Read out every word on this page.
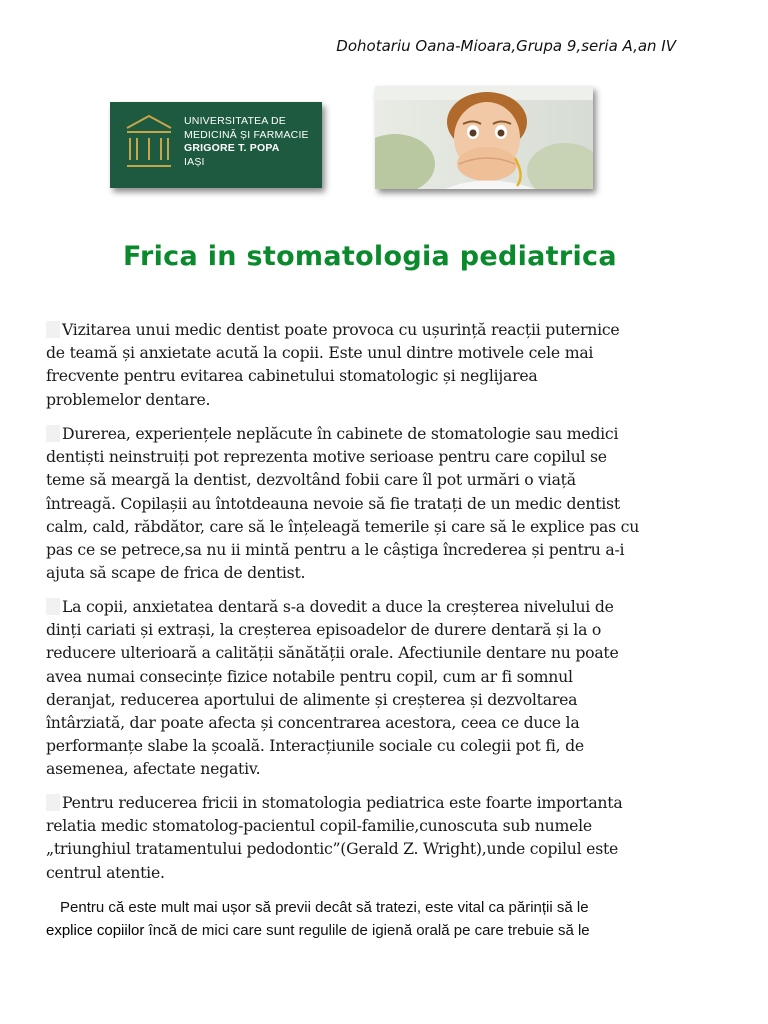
Dohotariu Oana-Mioara,Grupa 9,seria A,an IV
UNIVERSITATEA DE
MEDICINĂ ȘI FARMACIE
GRIGORE T. POPA
IAȘI
Frica in stomatologia pediatrica
Vizitarea unui medic dentist poate provoca cu ușurință reacții puternice
de teamă și anxietate acută la copii. Este unul dintre motivele cele mai
frecvente pentru evitarea cabinetului stomatologic și neglijarea
problemelor dentare.
Durerea, experiențele neplăcute în cabinete de stomatologie sau medici
dentiști neinstruiți pot reprezenta motive serioase pentru care copilul se
teme să meargă la dentist, dezvoltând fobii care îl pot urmări o viață
întreagă. Copilașii au întotdeauna nevoie să fie tratați de un medic dentist
calm, cald, răbdător, care să le înțeleagă temerile și care să le explice pas cu
pas ce se petrece,sa nu ii mintă pentru a le câștiga încrederea și pentru a-i
ajuta să scape de frica de dentist.
La copii, anxietatea dentară s-a dovedit a duce la creșterea nivelului de
dinți cariati și extrași, la creșterea episoadelor de durere dentară și la o
reducere ulterioară a calității sănătății orale. Afectiunile dentare nu poate
avea numai consecințe fizice notabile pentru copil, cum ar fi somnul
deranjat, reducerea aportului de alimente și creșterea și dezvoltarea
întârziată, dar poate afecta și concentrarea acestora, ceea ce duce la
performanțe slabe la școală. Interacțiunile sociale cu colegii pot fi, de
asemenea, afectate negativ.
Pentru reducerea fricii in stomatologia pediatrica este foarte importanta
relatia medic stomatolog-pacientul copil-familie,cunoscuta sub numele
„triunghiul tratamentului pedodontic”(Gerald Z. Wright),unde copilul este
centrul atentie.
Pentru că este mult mai ușor să previi decât să tratezi, este vital ca părinții să le
explice copiilor încă de mici care sunt regulile de igienă orală pe care trebuie să le
